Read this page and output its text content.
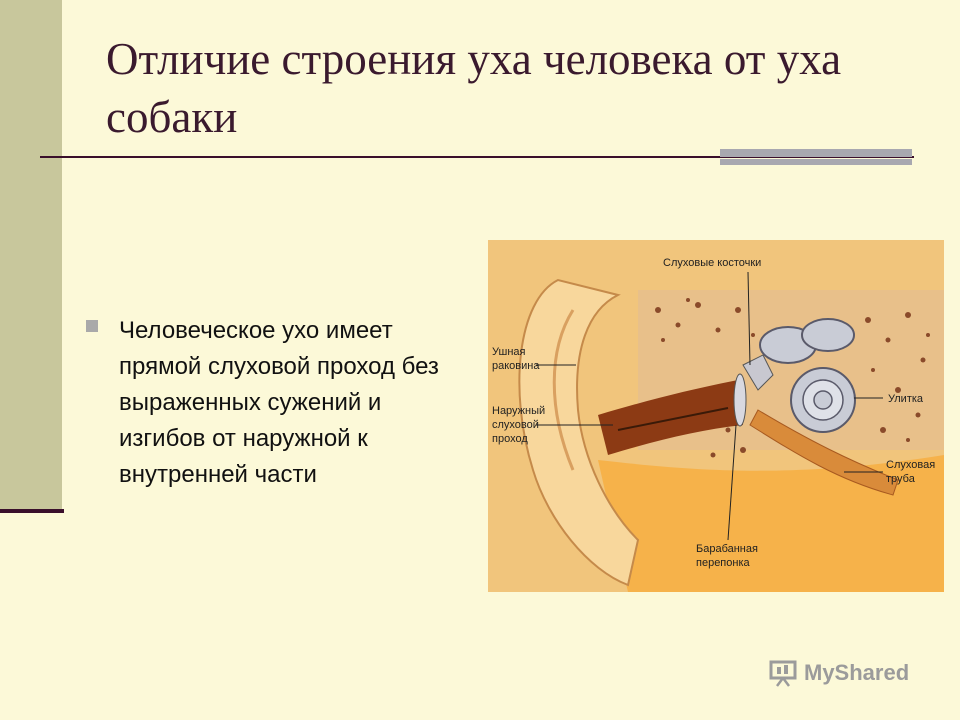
Отличие строения уха человека от уха собаки
Человеческое ухо имеет прямой слуховой проход без выраженных сужений и изгибов от наружной к внутренней части
Слуховые косточки
Ушная
раковина
Наружный
слуховой
проход
Улитка
Слуховая
труба
Барабанная
перепонка
MyShared
